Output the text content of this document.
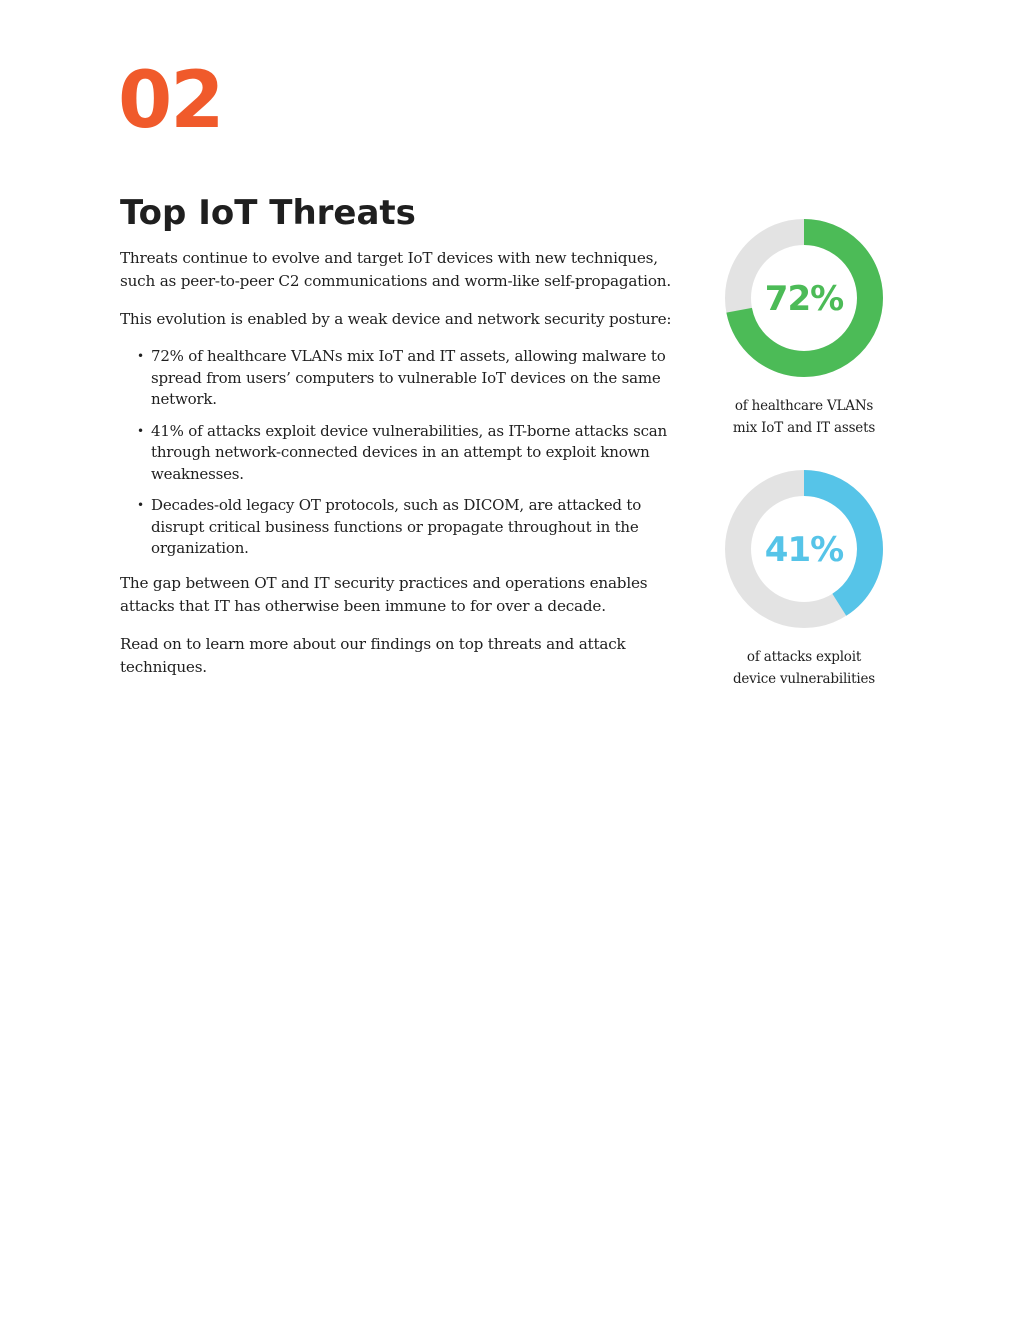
02
Top IoT Threats

Threats continue to evolve and target IoT devices with new techniques, such as peer-to-peer C2 communications and worm-like self-propagation.

This evolution is enabled by a weak device and network security posture:

• 72% of healthcare VLANs mix IoT and IT assets, allowing malware to spread from users’ computers to vulnerable IoT devices on the same network.
• 41% of attacks exploit device vulnerabilities, as IT-borne attacks scan through network-connected devices in an attempt to exploit known weaknesses.
• Decades-old legacy OT protocols, such as DICOM, are attacked to disrupt critical business functions or propagate throughout in the organization.

The gap between OT and IT security practices and operations enables attacks that IT has otherwise been immune to for over a decade.

Read on to learn more about our findings on top threats and attack techniques.

72%
of healthcare VLANs
mix IoT and IT assets
41%
of attacks exploit
device vulnerabilities
